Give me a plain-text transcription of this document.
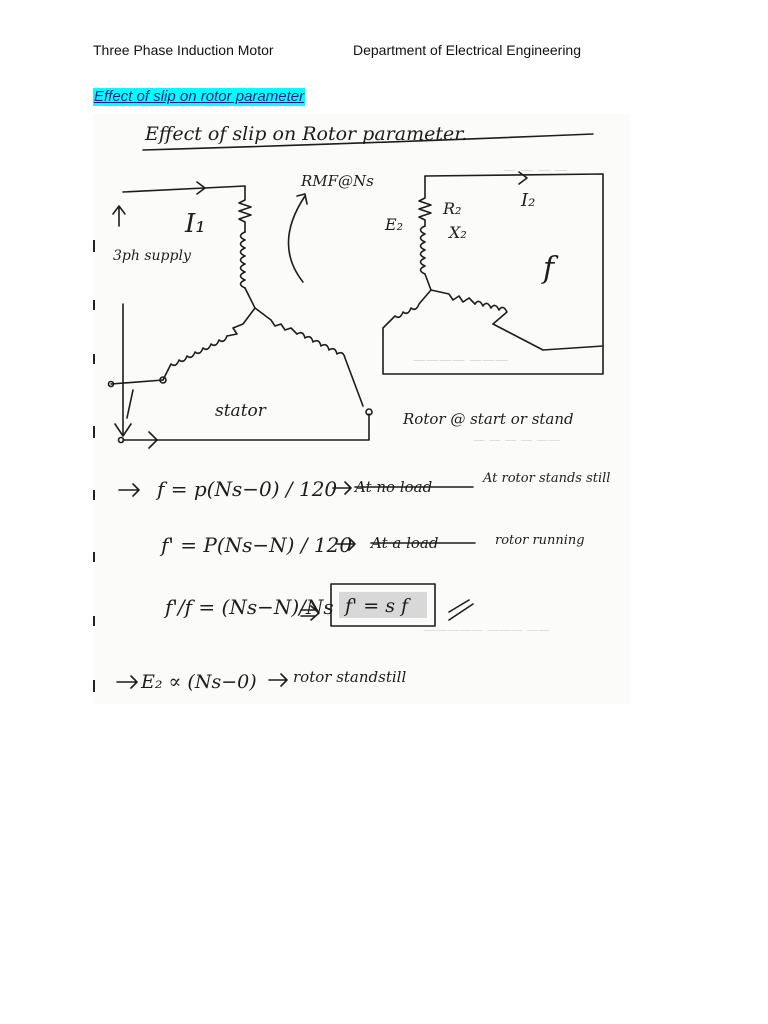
Three Phase Induction Motor	Department of Electrical Engineering
Effect of slip on rotor parameter
— — — —
———— ———
— — — — ——
————— ——— ——
Effect of slip on Rotor parameter.
I₁
3ph supply
RMF@Ns
stator
E₂
R₂
X₂
I₂
f
Rotor @ start or stand
f = p(Ns−0) / 120 At no load	At rotor stands still
f' = P(Ns−N) / 120 At a load	rotor running
f'/f = (Ns−N)/Ns f' = s f
E₂ ∝ (Ns−0) rotor standstill
